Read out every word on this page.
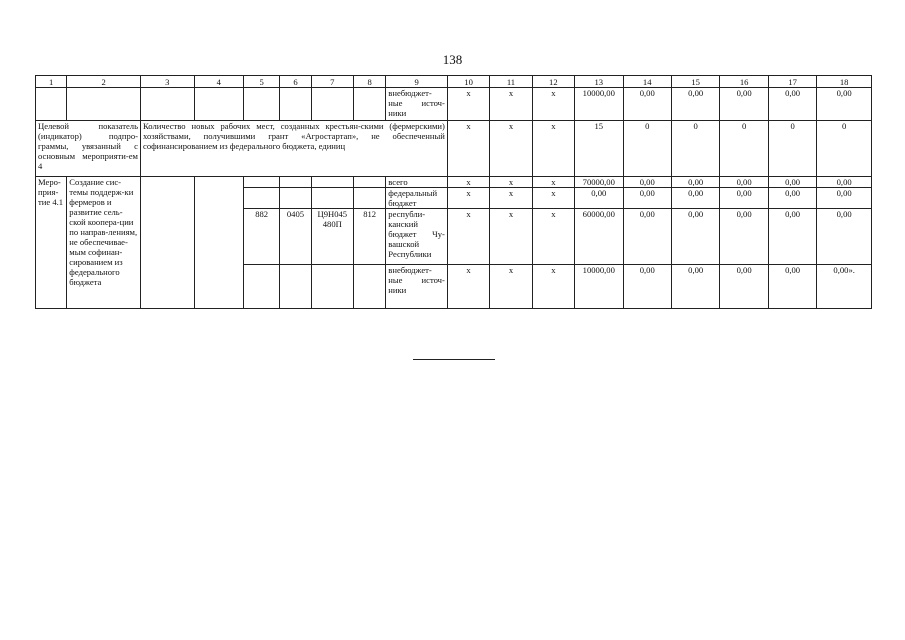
138
1	2	3	4	5	6	7	8	9	10	11	12	13	14	15	16	17	18
								внебюджет-ные источ-ники	х	х	х	10000,00	0,00	0,00	0,00	0,00	0,00
Целевой показатель (индикатор) подпро-граммы, увязанный с основным мероприяти-ем 4		Количество новых рабочих мест, созданных крестьян-скими (фермерскими) хозяйствами, получившими грант «Агростартап», не обеспеченный софинансированием из федерального бюджета, единиц							х	х	х	15	0	0	0	0	0
Меро-прия-тие 4.1	Создание сис-темы поддерж-ки фермеров и развитие сель-ской коопера-ции по направ-лениям, не обеспечивае-мым софинан-сированием из федерального бюджета							всего	х	х	х	70000,00	0,00	0,00	0,00	0,00	0,00
								федеральный бюджет	х	х	х	0,00	0,00	0,00	0,00	0,00	0,00
				882	0405	Ц9Н045 480П	812	республи-канский бюджет Чу-вашской Республики	х	х	х	60000,00	0,00	0,00	0,00	0,00	0,00
								внебюджет-ные источ-ники	х	х	х	10000,00	0,00	0,00	0,00	0,00	0,00».
